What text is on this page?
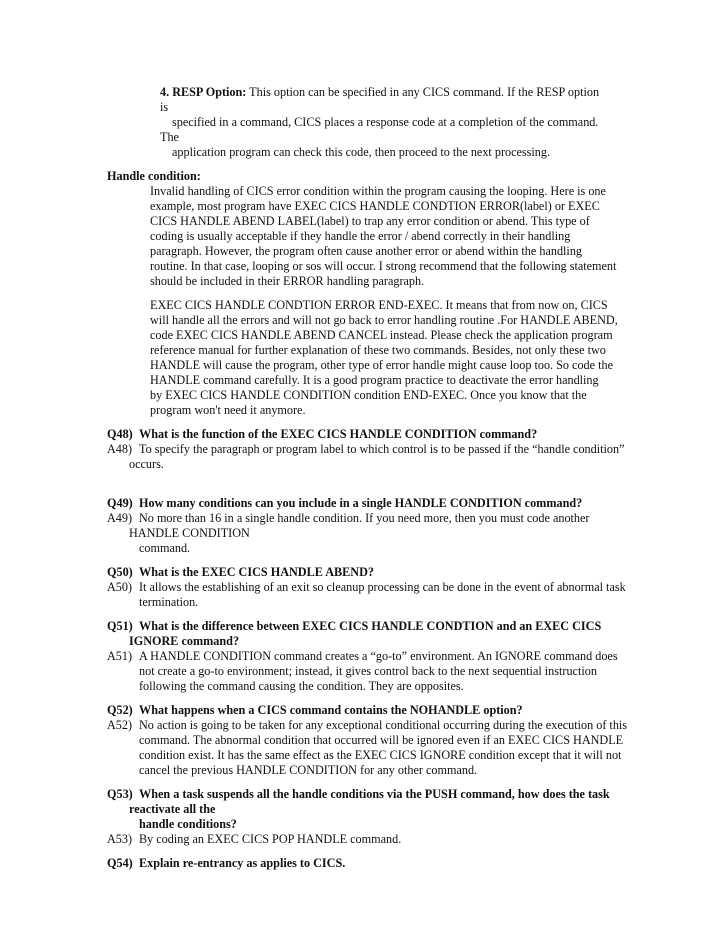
4. RESP Option: This option can be specified in any CICS command. If the RESP option
is
specified in a command, CICS places a response code at a completion of the command.
The
application program can check this code, then proceed to the next processing.
Handle condition:
Invalid handling of CICS error condition within the program causing the looping. Here is one
example, most program have EXEC CICS HANDLE CONDTION ERROR(label) or EXEC
CICS HANDLE ABEND LABEL(label) to trap any error condition or abend. This type of
coding is usually acceptable if they handle the error / abend correctly in their handling
paragraph. However, the program often cause another error or abend within the handling
routine. In that case, looping or sos will occur. I strong recommend that the following statement
should be included in their ERROR handling paragraph.
EXEC CICS HANDLE CONDTION ERROR END-EXEC. It means that from now on, CICS
will handle all the errors and will not go back to error handling routine .For HANDLE ABEND,
code EXEC CICS HANDLE ABEND CANCEL instead. Please check the application program
reference manual for further explanation of these two commands. Besides, not only these two
HANDLE will cause the program, other type of error handle might cause loop too. So code the
HANDLE command carefully. It is a good program practice to deactivate the error handling
by EXEC CICS HANDLE CONDITION condition END-EXEC. Once you know that the
program won't need it anymore.
Q48) What is the function of the EXEC CICS HANDLE CONDITION command?
A48) To specify the paragraph or program label to which control is to be passed if the “handle condition”
occurs.
Q49) How many conditions can you include in a single HANDLE CONDITION command?
A49) No more than 16 in a single handle condition. If you need more, then you must code another
HANDLE CONDITION
command.
Q50) What is the EXEC CICS HANDLE ABEND?
A50) It allows the establishing of an exit so cleanup processing can be done in the event of abnormal task
termination.
Q51) What is the difference between EXEC CICS HANDLE CONDTION and an EXEC CICS
IGNORE command?
A51) A HANDLE CONDITION command creates a “go-to” environment. An IGNORE command does
not create a go-to environment; instead, it gives control back to the next sequential instruction
following the command causing the condition. They are opposites.
Q52) What happens when a CICS command contains the NOHANDLE option?
A52) No action is going to be taken for any exceptional conditional occurring during the execution of this
command. The abnormal condition that occurred will be ignored even if an EXEC CICS HANDLE
condition exist. It has the same effect as the EXEC CICS IGNORE condition except that it will not
cancel the previous HANDLE CONDITION for any other command.
Q53) When a task suspends all the handle conditions via the PUSH command, how does the task
reactivate all the
handle conditions?
A53) By coding an EXEC CICS POP HANDLE command.
Q54) Explain re-entrancy as applies to CICS.
